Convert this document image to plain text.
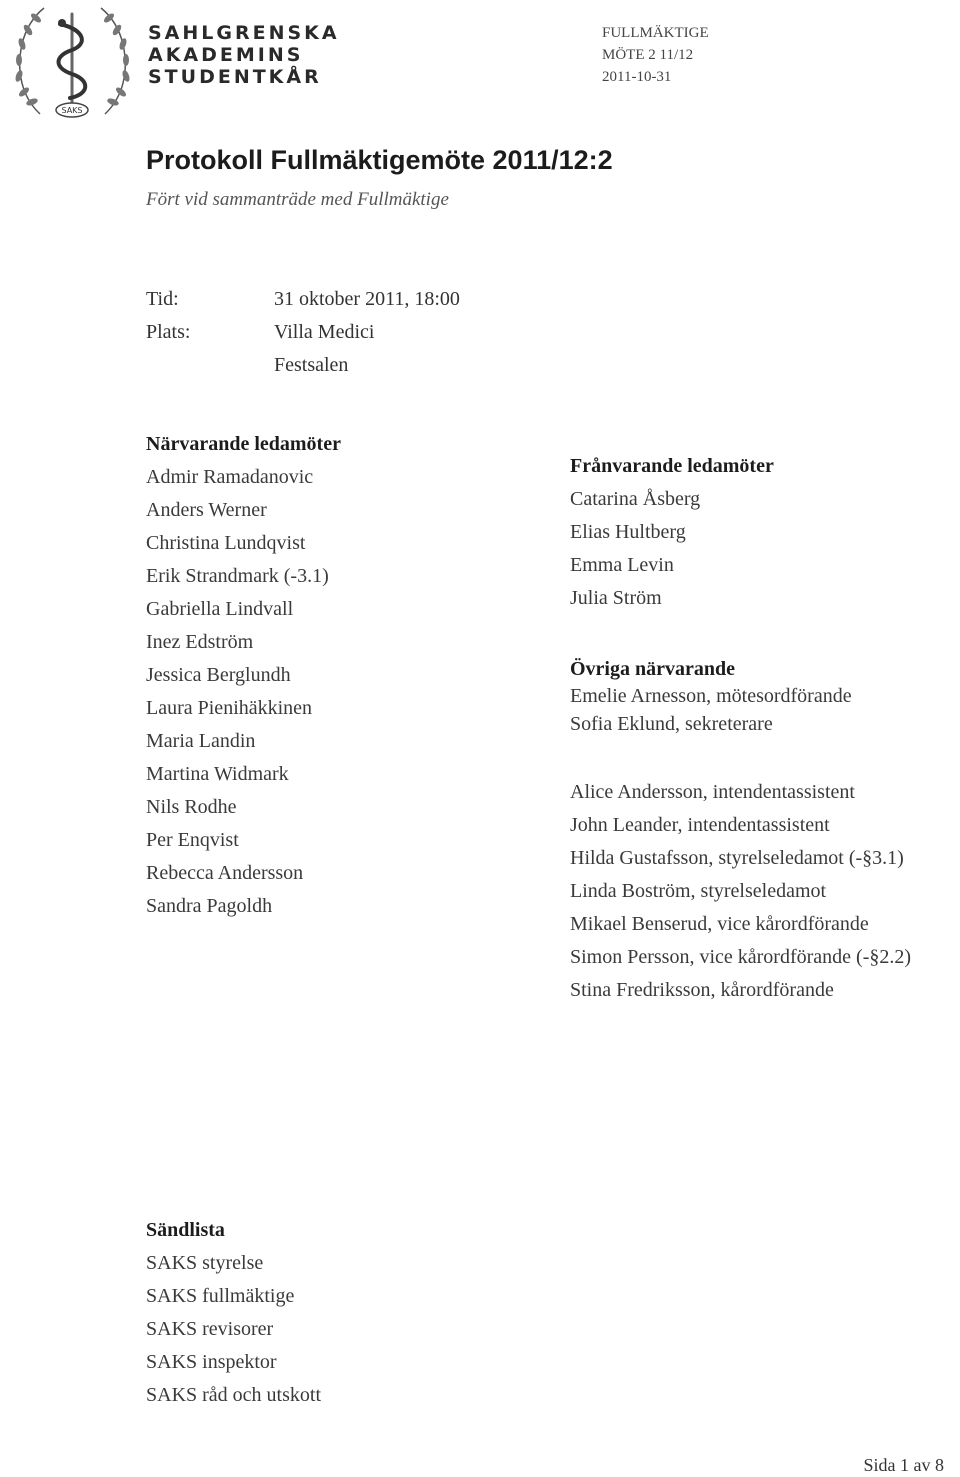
SAKS
SAHLGRENSKA
AKADEMINS
STUDENTKÅR
FULLMÄKTIGE
MÖTE 2 11/12
2011-10-31
Protokoll Fullmäktigemöte 2011/12:2
Fört vid sammanträde med Fullmäktige
Tid:	31 oktober 2011, 18:00
Plats:	Villa Medici
Festsalen
Närvarande ledamöter
Admir Ramadanovic
Anders Werner
Christina Lundqvist
Erik Strandmark (-3.1)
Gabriella Lindvall
Inez Edström
Jessica Berglundh
Laura Pienihäkkinen
Maria Landin
Martina Widmark
Nils Rodhe
Per Enqvist
Rebecca Andersson
Sandra Pagoldh
Frånvarande ledamöter
Catarina Åsberg
Elias Hultberg
Emma Levin
Julia Ström
Övriga närvarande
Emelie Arnesson, mötesordförande
Sofia Eklund, sekreterare
Alice Andersson, intendentassistent
John Leander, intendentassistent
Hilda Gustafsson, styrelseledamot (-§3.1)
Linda Boström, styrelseledamot
Mikael Benserud, vice kårordförande
Simon Persson, vice kårordförande (-§2.2)
Stina Fredriksson, kårordförande
Sändlista
SAKS styrelse
SAKS fullmäktige
SAKS revisorer
SAKS inspektor
SAKS råd och utskott
Sida 1 av 8
